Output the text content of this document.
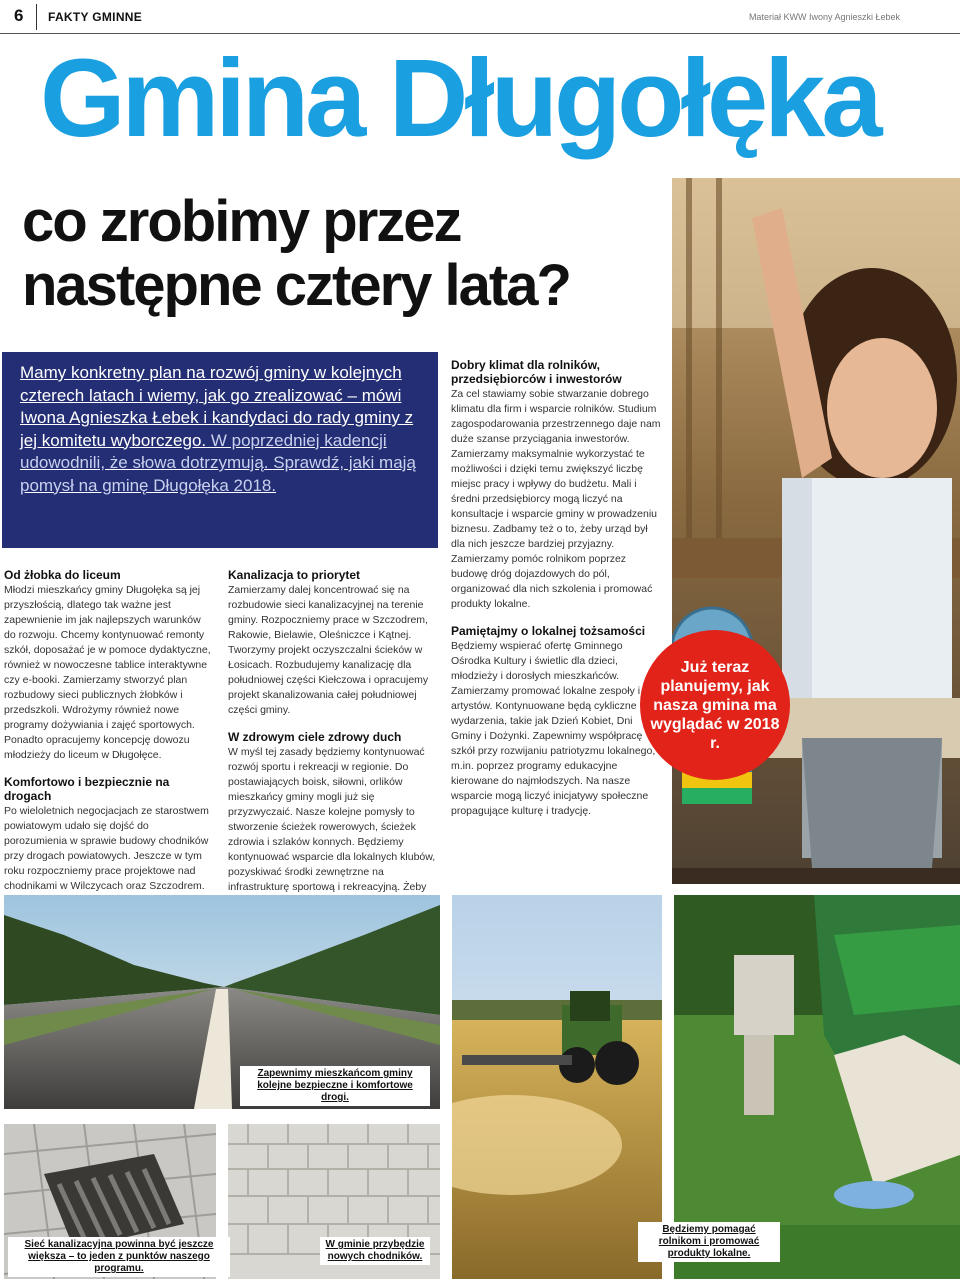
6 FAKTY GMINNE	Materiał KWW Iwony Agnieszki Łebek
Gmina Długołęka
co zrobimy przez
następne cztery lata?
Mamy konkretny plan na rozwój gminy w kolejnych czterech latach i wiemy, jak go zrealizować – mówi Iwona Agnieszka Łebek i kandydaci do rady gminy z jej komitetu wyborczego. W poprzedniej kadencji udowodnili, że słowa dotrzymują. Sprawdź, jaki mają pomysł na gminę Długołęka 2018.
Od żłobka do liceum

Młodzi mieszkańcy gminy Długołęka są jej przyszłością, dlatego tak ważne jest zapewnienie im jak najlepszych warunków do rozwoju. Chcemy kontynuować remonty szkół, doposażać je w pomoce dydaktyczne, również w nowoczesne tablice interaktywne czy e-booki. Zamierzamy stworzyć plan rozbudowy sieci publicznych żłobków i przedszkoli. Wdrożymy również nowe programy dożywiania i zajęć sportowych. Ponadto opracujemy koncepcję dowozu młodzieży do liceum w Długołęce.

Komfortowo i bezpiecznie na drogach

Po wieloletnich negocjacjach ze starostwem powiatowym udało się dojść do porozumienia w sprawie budowy chodników przy drogach powiatowych. Jeszcze w tym roku rozpoczniemy prace projektowe nad chodnikami w Wilczycach oraz Szczodrem.

Kanalizacja to priorytet

Zamierzamy dalej koncentrować się na rozbudowie sieci kanalizacyjnej na terenie gminy. Rozpoczniemy prace w Szczodrem, Rakowie, Bielawie, Oleśniczce i Kątnej. Tworzymy projekt oczyszczalni ścieków w Łosicach. Rozbudujemy kanalizację dla południowej części Kiełczowa i opracujemy projekt skanalizowania całej południowej części gminy.

W zdrowym ciele zdrowy duch

W myśl tej zasady będziemy kontynuować rozwój sportu i rekreacji w regionie. Do postawiających boisk, siłowni, orlików mieszkańcy gminy mogli już się przyzwyczaić. Nasze kolejne pomysły to stworzenie ścieżek rowerowych, ścieżek zdrowia i szlaków konnych. Będziemy kontynuować wsparcie dla lokalnych klubów, pozyskiwać środki zewnętrzne na infrastrukturę sportową i rekreacyjną. Żeby

Dobry klimat dla rolników, przedsiębiorców i inwestorów

Za cel stawiamy sobie stwarzanie dobrego klimatu dla firm i wsparcie rolników. Studium zagospodarowania przestrzennego daje nam duże szanse przyciągania inwestorów. Zamierzamy maksymalnie wykorzystać te możliwości i dzięki temu zwiększyć liczbę miejsc pracy i wpływy do budżetu. Mali i średni przedsiębiorcy mogą liczyć na konsultacje i wsparcie gminy w prowadzeniu biznesu. Zadbamy też o to, żeby urząd był dla nich jeszcze bardziej przyjazny. Zamierzamy pomóc rolnikom poprzez budowę dróg dojazdowych do pól, organizować dla nich szkolenia i promować produkty lokalne.

Pamiętajmy o lokalnej tożsamości

Będziemy wspierać ofertę Gminnego Ośrodka Kultury i świetlic dla dzieci, młodzieży i dorosłych mieszkańców. Zamierzamy promować lokalne zespoły i artystów. Kontynuowane będą cykliczne wydarzenia, takie jak Dzień Kobiet, Dni Gminy i Dożynki. Zapewnimy współpracę szkół przy rozwijaniu patriotyzmu lokalnego, m.in. poprzez programy edukacyjne kierowane do najmłodszych. Na nasze wsparcie mogą liczyć inicjatywy społeczne propagujące kulturę i tradycję.

Już teraz planujemy, jak nasza gmina ma wyglądać w 2018 r.
Zapewnimy mieszkańcom gminy kolejne bezpieczne i komfortowe drogi.
Sieć kanalizacyjna powinna być jeszcze większa – to jeden z punktów naszego programu.
W gminie przybędzie nowych chodników.
Będziemy pomagać rolnikom i promować produkty lokalne.
